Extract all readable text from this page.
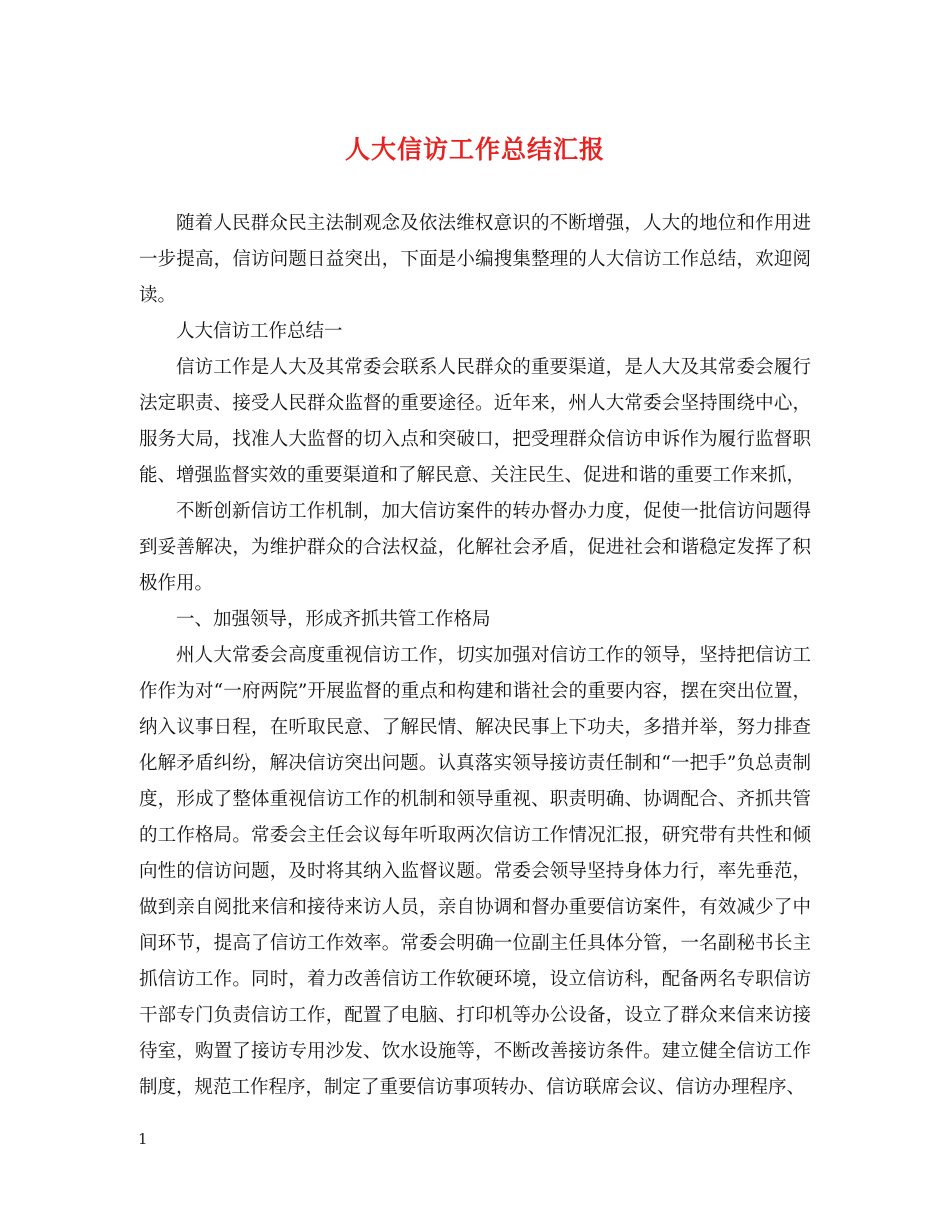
人大信访工作总结汇报

随着人民群众民主法制观念及依法维权意识的不断增强，人大的地位和作用进一步提高，信访问题日益突出，下面是小编搜集整理的人大信访工作总结，欢迎阅读。

人大信访工作总结一

信访工作是人大及其常委会联系人民群众的重要渠道，是人大及其常委会履行法定职责、接受人民群众监督的重要途径。近年来，州人大常委会坚持围绕中心，服务大局，找准人大监督的切入点和突破口，把受理群众信访申诉作为履行监督职能、增强监督实效的重要渠道和了解民意、关注民生、促进和谐的重要工作来抓，

不断创新信访工作机制，加大信访案件的转办督办力度，促使一批信访问题得到妥善解决，为维护群众的合法权益，化解社会矛盾，促进社会和谐稳定发挥了积极作用。

一、加强领导，形成齐抓共管工作格局

州人大常委会高度重视信访工作，切实加强对信访工作的领导，坚持把信访工作作为对“一府两院”开展监督的重点和构建和谐社会的重要内容，摆在突出位置，纳入议事日程，在听取民意、了解民情、解决民事上下功夫，多措并举，努力排查化解矛盾纠纷，解决信访突出问题。认真落实领导接访责任制和“一把手”负总责制度，形成了整体重视信访工作的机制和领导重视、职责明确、协调配合、齐抓共管的工作格局。常委会主任会议每年听取两次信访工作情况汇报，研究带有共性和倾向性的信访问题，及时将其纳入监督议题。常委会领导坚持身体力行，率先垂范，做到亲自阅批来信和接待来访人员，亲自协调和督办重要信访案件，有效减少了中间环节，提高了信访工作效率。常委会明确一位副主任具体分管，一名副秘书长主抓信访工作。同时，着力改善信访工作软硬环境，设立信访科，配备两名专职信访干部专门负责信访工作，配置了电脑、打印机等办公设备，设立了群众来信来访接待室，购置了接访专用沙发、饮水设施等，不断改善接访条件。建立健全信访工作制度，规范工作程序，制定了重要信访事项转办、信访联席会议、信访办理程序、

1
